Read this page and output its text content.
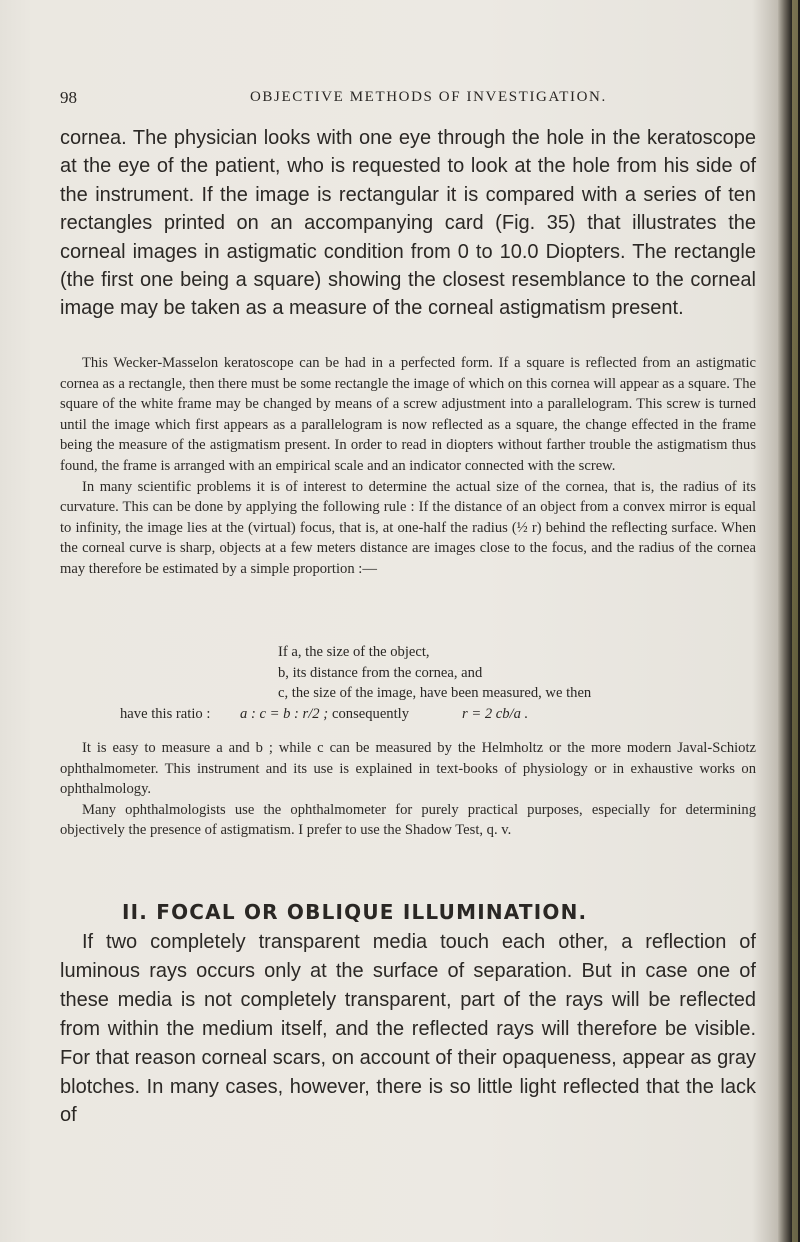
98	OBJECTIVE METHODS OF INVESTIGATION.

cornea. The physician looks with one eye through the hole in the keratoscope at the eye of the patient, who is requested to look at the hole from his side of the instrument. If the image is rectangular it is compared with a series of ten rectangles printed on an accompanying card (Fig. 35) that illustrates the corneal images in astigmatic condition from 0 to 10.0 Diopters. The rectangle (the first one being a square) showing the closest resemblance to the corneal image may be taken as a measure of the corneal astigmatism present.

This Wecker-Masselon keratoscope can be had in a perfected form. If a square is reflected from an astigmatic cornea as a rectangle, then there must be some rectangle the image of which on this cornea will appear as a square. The square of the white frame may be changed by means of a screw adjustment into a parallelogram. This screw is turned until the image which first appears as a parallelogram is now reflected as a square, the change effected in the frame being the measure of the astigmatism present. In order to read in diopters without farther trouble the astigmatism thus found, the frame is arranged with an empirical scale and an indicator connected with the screw.

In many scientific problems it is of interest to determine the actual size of the cornea, that is, the radius of its curvature. This can be done by applying the following rule : If the distance of an object from a convex mirror is equal to infinity, the image lies at the (virtual) focus, that is, at one-half the radius (½ r) behind the reflecting surface. When the corneal curve is sharp, objects at a few meters distance are images close to the focus, and the radius of the cornea may therefore be estimated by a simple proportion :—

If a, the size of the object,
b, its distance from the cornea, and
c, the size of the image, have been measured, we then
have this ratio : a : c = b : r/2 ; consequently	r = 2 cb/a .

It is easy to measure a and b ; while c can be measured by the Helmholtz or the more modern Javal-Schiotz ophthalmometer. This instrument and its use is explained in text-books of physiology or in exhaustive works on ophthalmology.

Many ophthalmologists use the ophthalmometer for purely practical purposes, especially for determining objectively the presence of astigmatism. I prefer to use the Shadow Test, q. v.

II. FOCAL OR OBLIQUE ILLUMINATION.

If two completely transparent media touch each other, a reflection of luminous rays occurs only at the surface of separation. But in case one of these media is not completely transparent, part of the rays will be reflected from within the medium itself, and the reflected rays will therefore be visible. For that reason corneal scars, on account of their opaqueness, appear as gray blotches. In many cases, however, there is so little light reflected that the lack of
